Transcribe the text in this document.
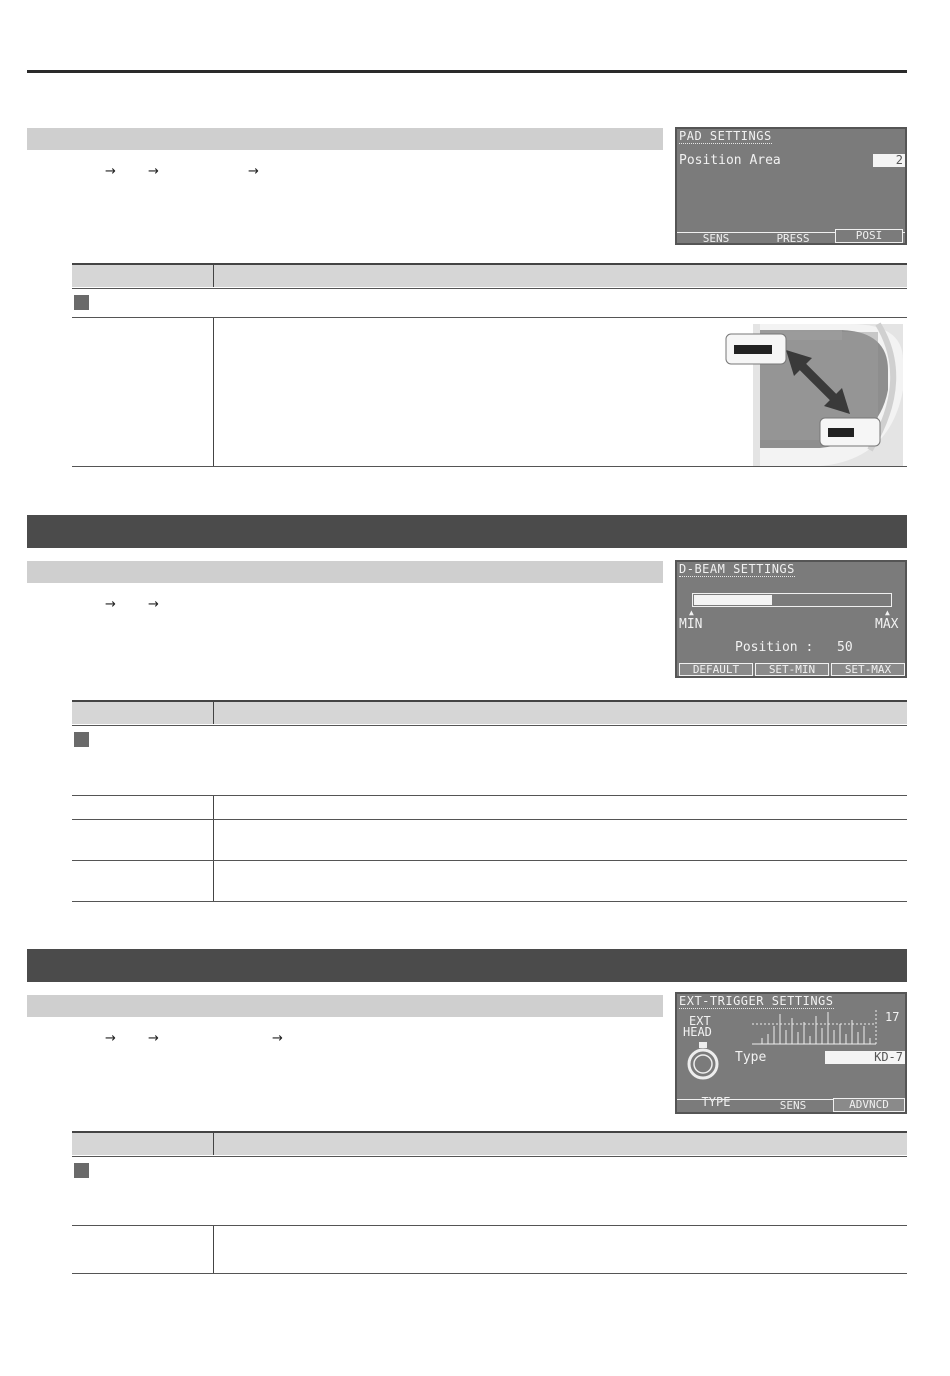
→ →	→
PAD SETTINGS
Position Area	2
SENS	PRESS	POSI
→ →
D-BEAM SETTINGS
▲	▲
MIN	MAX
Position : 50
DEFAULT	SET-MIN	SET-MAX
→ →	→
EXT-TRIGGER SETTINGS
EXT
HEAD
17
Type	KD-7
TYPE	SENS	ADVNCD
